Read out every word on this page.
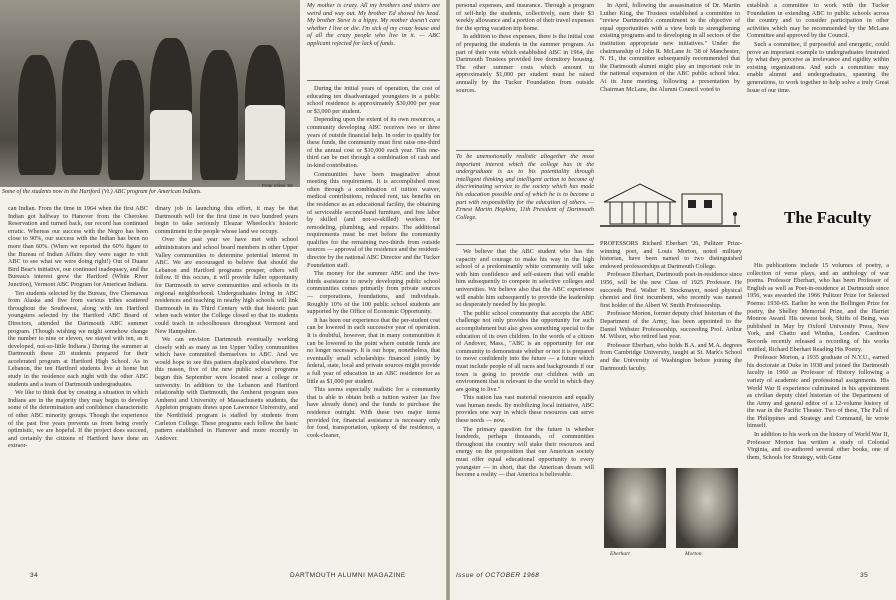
Peter Imber '69
Some of the students now in the Hartford (Vt.) ABC program for American Indians.

My mother is crazy. All my brothers and sisters are weird and way out. My brother Ed shaved his head. My brother Steve is a hippy. My mother doesn't care whether I live or die. I'm sick of my crazy house and of all the crazy people who live in it. — ABC applicant rejected for lack of funds.

can Indian. From the time in 1964 when the first ABC Indian got halfway to Hanover from the Cherokee Reservation and turned back, our record has continued erratic. Whereas our success with the Negro has been close to 90%, our success with the Indian has been no more than 60%. (When we reported the 60% figure to the Bureau of Indian Affairs they were eager to visit ABC to see what we were doing right!) Out of Duane Bird Bear's initiative, our continued inadequacy, and the Bureau's interest grew the Hartford (White River Junction), Vermont ABC Program for American Indians.

Ten students selected by the Bureau, five Chemawas from Alaska and five from various tribes scattered throughout the Southwest, along with ten Hartford youngsters selected by the Hartford ABC Board of Directors, attended the Dartmouth ABC summer program. (Though wishing we might somehow change the number to nine or eleven, we stayed with ten, as it developed, not-so-little Indians.) During the summer at Dartmouth these 20 students prepared for their accelerated program at Hartford High School. As in Lebanon, the ten Hartford students live at home but study in the residence each night with the other ABC students and a team of Dartmouth undergraduates.

We like to think that by creating a situation in which Indians are in the majority they may begin to develop some of the determination and confidence characteristic of other ABC minority groups. Though the experience of the past five years prevents us from being overly optimistic, we are hopeful. If the project does succeed, and certainly the citizens of Hartford have done an extraor-

dinary job in launching this effort, it may be that Dartmouth will for the first time in two hundred years begin to take seriously Eleazar Wheelock's historic commitment to the people whose land we occupy.

Over the past year we have met with school administrators and school board members in other Upper Valley communities to determine potential interest in ABC. We are encouraged to believe that should the Lebanon and Hartford programs prosper, others will follow. If this occurs, it will provide fuller opportunity for Dartmouth to serve communities and schools in its regional neighborhood. Undergraduates living in ABC residences and teaching in nearby high schools will link Dartmouth in its Third Century with that historic past when each winter the College closed so that its students could teach in schoolhouses throughout Vermont and New Hampshire.

We can envision Dartmouth eventually working closely with as many as ten Upper Valley communities which have committed themselves to ABC. And we would hope to see this pattern duplicated elsewhere. For this reason, five of the new public school programs begun this September were located near a college or university. In addition to the Lebanon and Hartford relationship with Dartmouth, the Amherst program uses Amherst and University of Massachusetts students, the Appleton program draws upon Lawrence University, and the Northfield program is staffed by students from Carleton College. These programs each follow the basic pattern established in Hanover and more recently in Andover.

During the initial years of operation, the cost of educating ten disadvantaged youngsters in a public school residence is approximately $30,000 per year or $3,000 per student.

Depending upon the extent of its own resources, a community developing ABC receives two or three years of outside financial help. In order to qualify for these funds, the community must first raise one-third of the annual cost or $10,000 each year. This one-third can be met through a combination of cash and in-kind contribution.

Communities have been imaginative about meeting this requirement. It is accomplished most often through a combination of tuition waiver, medical contributions, reduced rent, tax benefits on the residence as an educational facility, the obtaining of serviceable second-hand furniture, and free labor by skilled (and not-so-skilled) workers for remodeling, plumbing, and repairs. The additional requirements must be met before the community qualifies for the remaining two-thirds from outside sources — approval of the residence and the resident-director by the national ABC Director and the Tucker Foundation staff.

The money for the summer ABC and the two-thirds assistance to newly developing public school communities comes primarily from private sources — corporations, foundations, and individuals. Roughly 10% of the 100 public school students are supported by the Office of Economic Opportunity.

It has been our experience that the per-student cost can be lowered in each successive year of operation. It is doubtful, however, that in many communities it can be lowered to the point where outside funds are no longer necessary. It is our hope, nonetheless, that eventually small scholarships financed jointly by federal, state, local and private sources might provide a full year of education in an ABC residence for as little as $1,000 per student.

This seems especially realistic for a community that is able to obtain both a tuition waiver (as five have already done) and the funds to purchase the residence outright. With these two major items provided for, financial assistance is necessary only for food, transportation, upkeep of the residence, a cook-cleaner,

34	DARTMOUTH ALUMNI MAGAZINE

personal expenses, and insurance. Through a program of self-help the students, collectively, earn their $3 weekly allowance and a portion of their travel expenses for the spring vacation trip home.

In addition to these expenses, there is the initial cost of preparing the students in the summer program. As part of their vote which established ABC in 1964, the Dartmouth Trustees provided free dormitory housing. The other summer costs which amount to approximately $1,000 per student must be raised annually by the Tucker Foundation from outside sources.

To be unemotionally realistic altogether the most important interest which the college has in the undergraduate is as to his potentiality through intelligent thinking and intelligent action to become of discriminating service to the society which has made his education possible and of which he is to become a part with responsibility for the education of others. — Ernest Martin Hopkins, 11th President of Dartmouth College.

We believe that the ABC student who has the capacity and courage to make his way in the high school of a predominantly white community will take with him confidence and self-esteem that will enable him subsequently to compete in selective colleges and universities. We believe also that the ABC experience will enable him subsequently to provide the leadership so desperately needed by his people.

The public school community that accepts the ABC challenge not only provides the opportunity for such accomplishment but also gives something special to the education of its own children. In the words of a citizen of Andover, Mass., "ABC is an opportunity for our community to demonstrate whether or not it is prepared to move confidently into the future — a future which must include people of all races and backgrounds if our town is going to provide our children with an environment that is relevant to the world in which they are going to live."

This nation has vast material resources and equally vast human needs. By mobilizing local initiative, ABC provides one way in which these resources can serve these needs — now.

The primary question for the future is whether hundreds, perhaps thousands, of communities throughout the country will stake their resources and energy on the proposition that our American society must offer equal educational opportunity to every youngster — in short, that the American dream will become a reality — that America is believable.

In April, following the assassination of Dr. Martin Luther King, the Trustees established a committee to "review Dartmouth's commitment to the objective of equal opportunities with a view both to strengthening existing programs and to developing in all sectors of the institution appropriate new initiatives." Under the chairmanship of John R. McLane Jr. '38 of Manchester, N. H., the committee subsequently recommended that the Dartmouth alumni might play an important role in the national expansion of the ABC public school idea. At its June meeting, following a presentation by Chairman McLane, the Alumni Council voted to

establish a committee to work with the Tucker Foundation in extending ABC to public schools across the country and to consider participation in other activities which may be recommended by the McLane Committee and approved by the Council.

Such a committee, if purposeful and energetic, could prove an important example to undergraduates frustrated by what they perceive as irrelevance and rigidity within existing organizations. And such a committee may enable alumni and undergraduates, spanning the generations, to work together to help solve a truly Great Issue of our time.

The Faculty

PROFESSORS Richard Eberhart '26, Pulitzer Prize-winning poet, and Louis Morton, noted military historian, have been named to two distinguished endowed professorships at Dartmouth College.

Professor Eberhart, Dartmouth poet-in-residence since 1956, will be the new Class of 1925 Professor. He succeeds Prof. Walter H. Stockmayer, noted physical chemist and first incumbent, who recently was named first holder of the Albert W. Smith Professorship.

Professor Morton, former deputy chief historian of the Department of the Army, has been appointed to the Daniel Webster Professorship, succeeding Prof. Arthur M. Wilson, who retired last year.

Professor Eberhart, who holds B.A. and M.A. degrees from Cambridge University, taught at St. Mark's School and the University of Washington before joining the Dartmouth faculty.

Eberhart	Morton

His publications include 15 volumes of poetry, a collection of verse plays, and an anthology of war poems. Professor Eberhart, who has been Professor of English as well as Poet-in-residence at Dartmouth since 1956, was awarded the 1966 Pulitzer Prize for Selected Poems: 1930-65. Earlier he won the Bollingen Prize for poetry, the Shelley Memorial Prize, and the Harriet Monroe Award. His newest book, Shifts of Being, was published in May by Oxford University Press, New York, and Chatto and Windus, London. Caedmon Records recently released a recording of his works entitled, Richard Eberhart Reading His Poetry.

Professor Morton, a 1935 graduate of N.Y.U., earned his doctorate at Duke in 1938 and joined the Dartmouth faculty in 1960 as Professor of History following a variety of academic and professional assignments. His World War II experience culminated in his appointment as civilian deputy chief historian of the Department of the Army and general editor of a 12-volume history of the war in the Pacific Theater. Two of these, The Fall of the Philippines and Strategy and Command, he wrote himself.

In addition to his work on the history of World War II, Professor Morton has written a study of Colonial Virginia, and co-authored several other books, one of them, Schools for Strategy, with Gene

Issue of OCTOBER 1968	35
